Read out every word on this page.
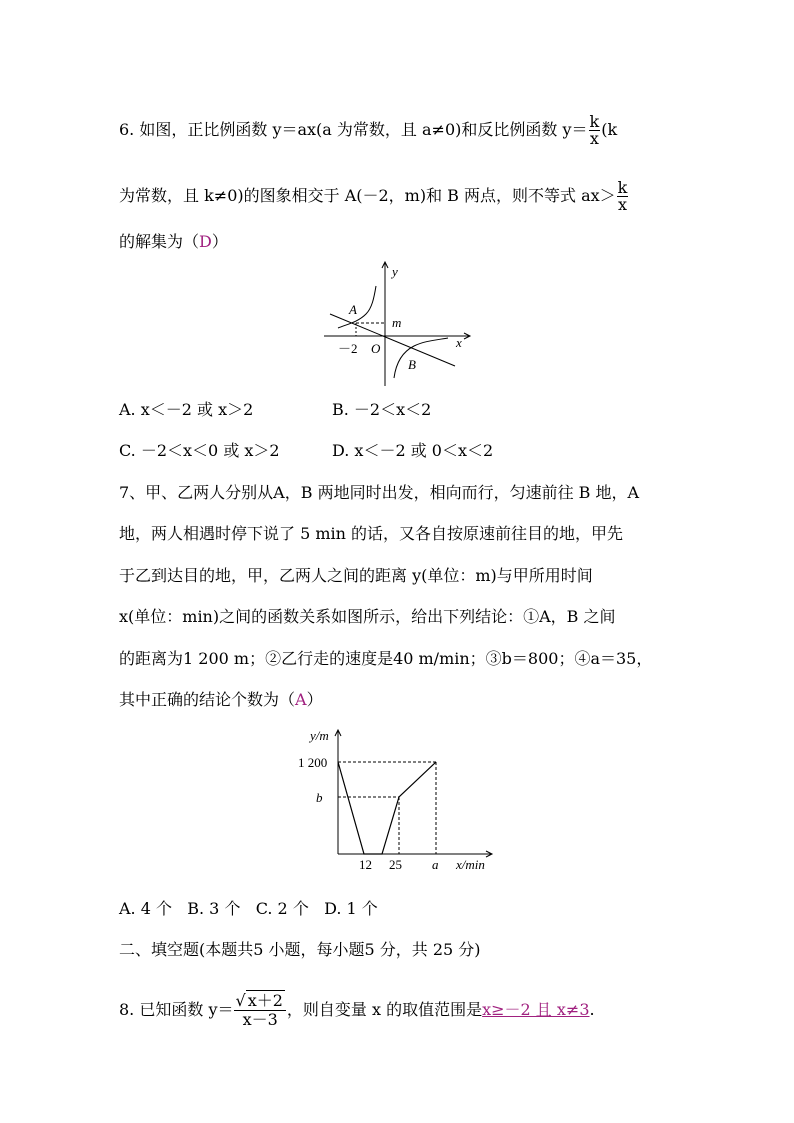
6. 如图，正比例函数 y＝ax(a 为常数，且 a≠0)和反比例函数 $y= \frac{k}{x} (k$
为常数，且 k≠0)的图象相交于 A(－2，m)和 B 两点，则不等式 $ax> \frac{k}{x}$
的解集为（D）
y
x
O
A
B
m
－2
A. x＜－2 或 x＞2	B. －2＜x＜2
C. －2＜x＜0 或 x＞2	D. x＜－2 或 0＜x＜2
7、甲、乙两人分别从A，B 两地同时出发，相向而行，匀速前往 B 地，A
地，两人相遇时停下说了 5 min 的话，又各自按原速前往目的地，甲先
于乙到达目的地，甲，乙两人之间的距离 y(单位：m)与甲所用时间
x(单位：min)之间的函数关系如图所示，给出下列结论：①A，B 之间
的距离为1 200 m；②乙行走的速度是40 m/min；③b＝800；④a＝35，
其中正确的结论个数为（A）
y/m
x/min
1 200
b
12 25 a
A. 4 个   B. 3 个   C. 2 个   D. 1 个
二、填空题(本题共5 小题，每小题5 分，共 25 分)
8. 已知函数 $y= \frac{√ x+2}{x-3}$ ，则自变量 x 的取值范围是x≥－2 且 x≠3.
